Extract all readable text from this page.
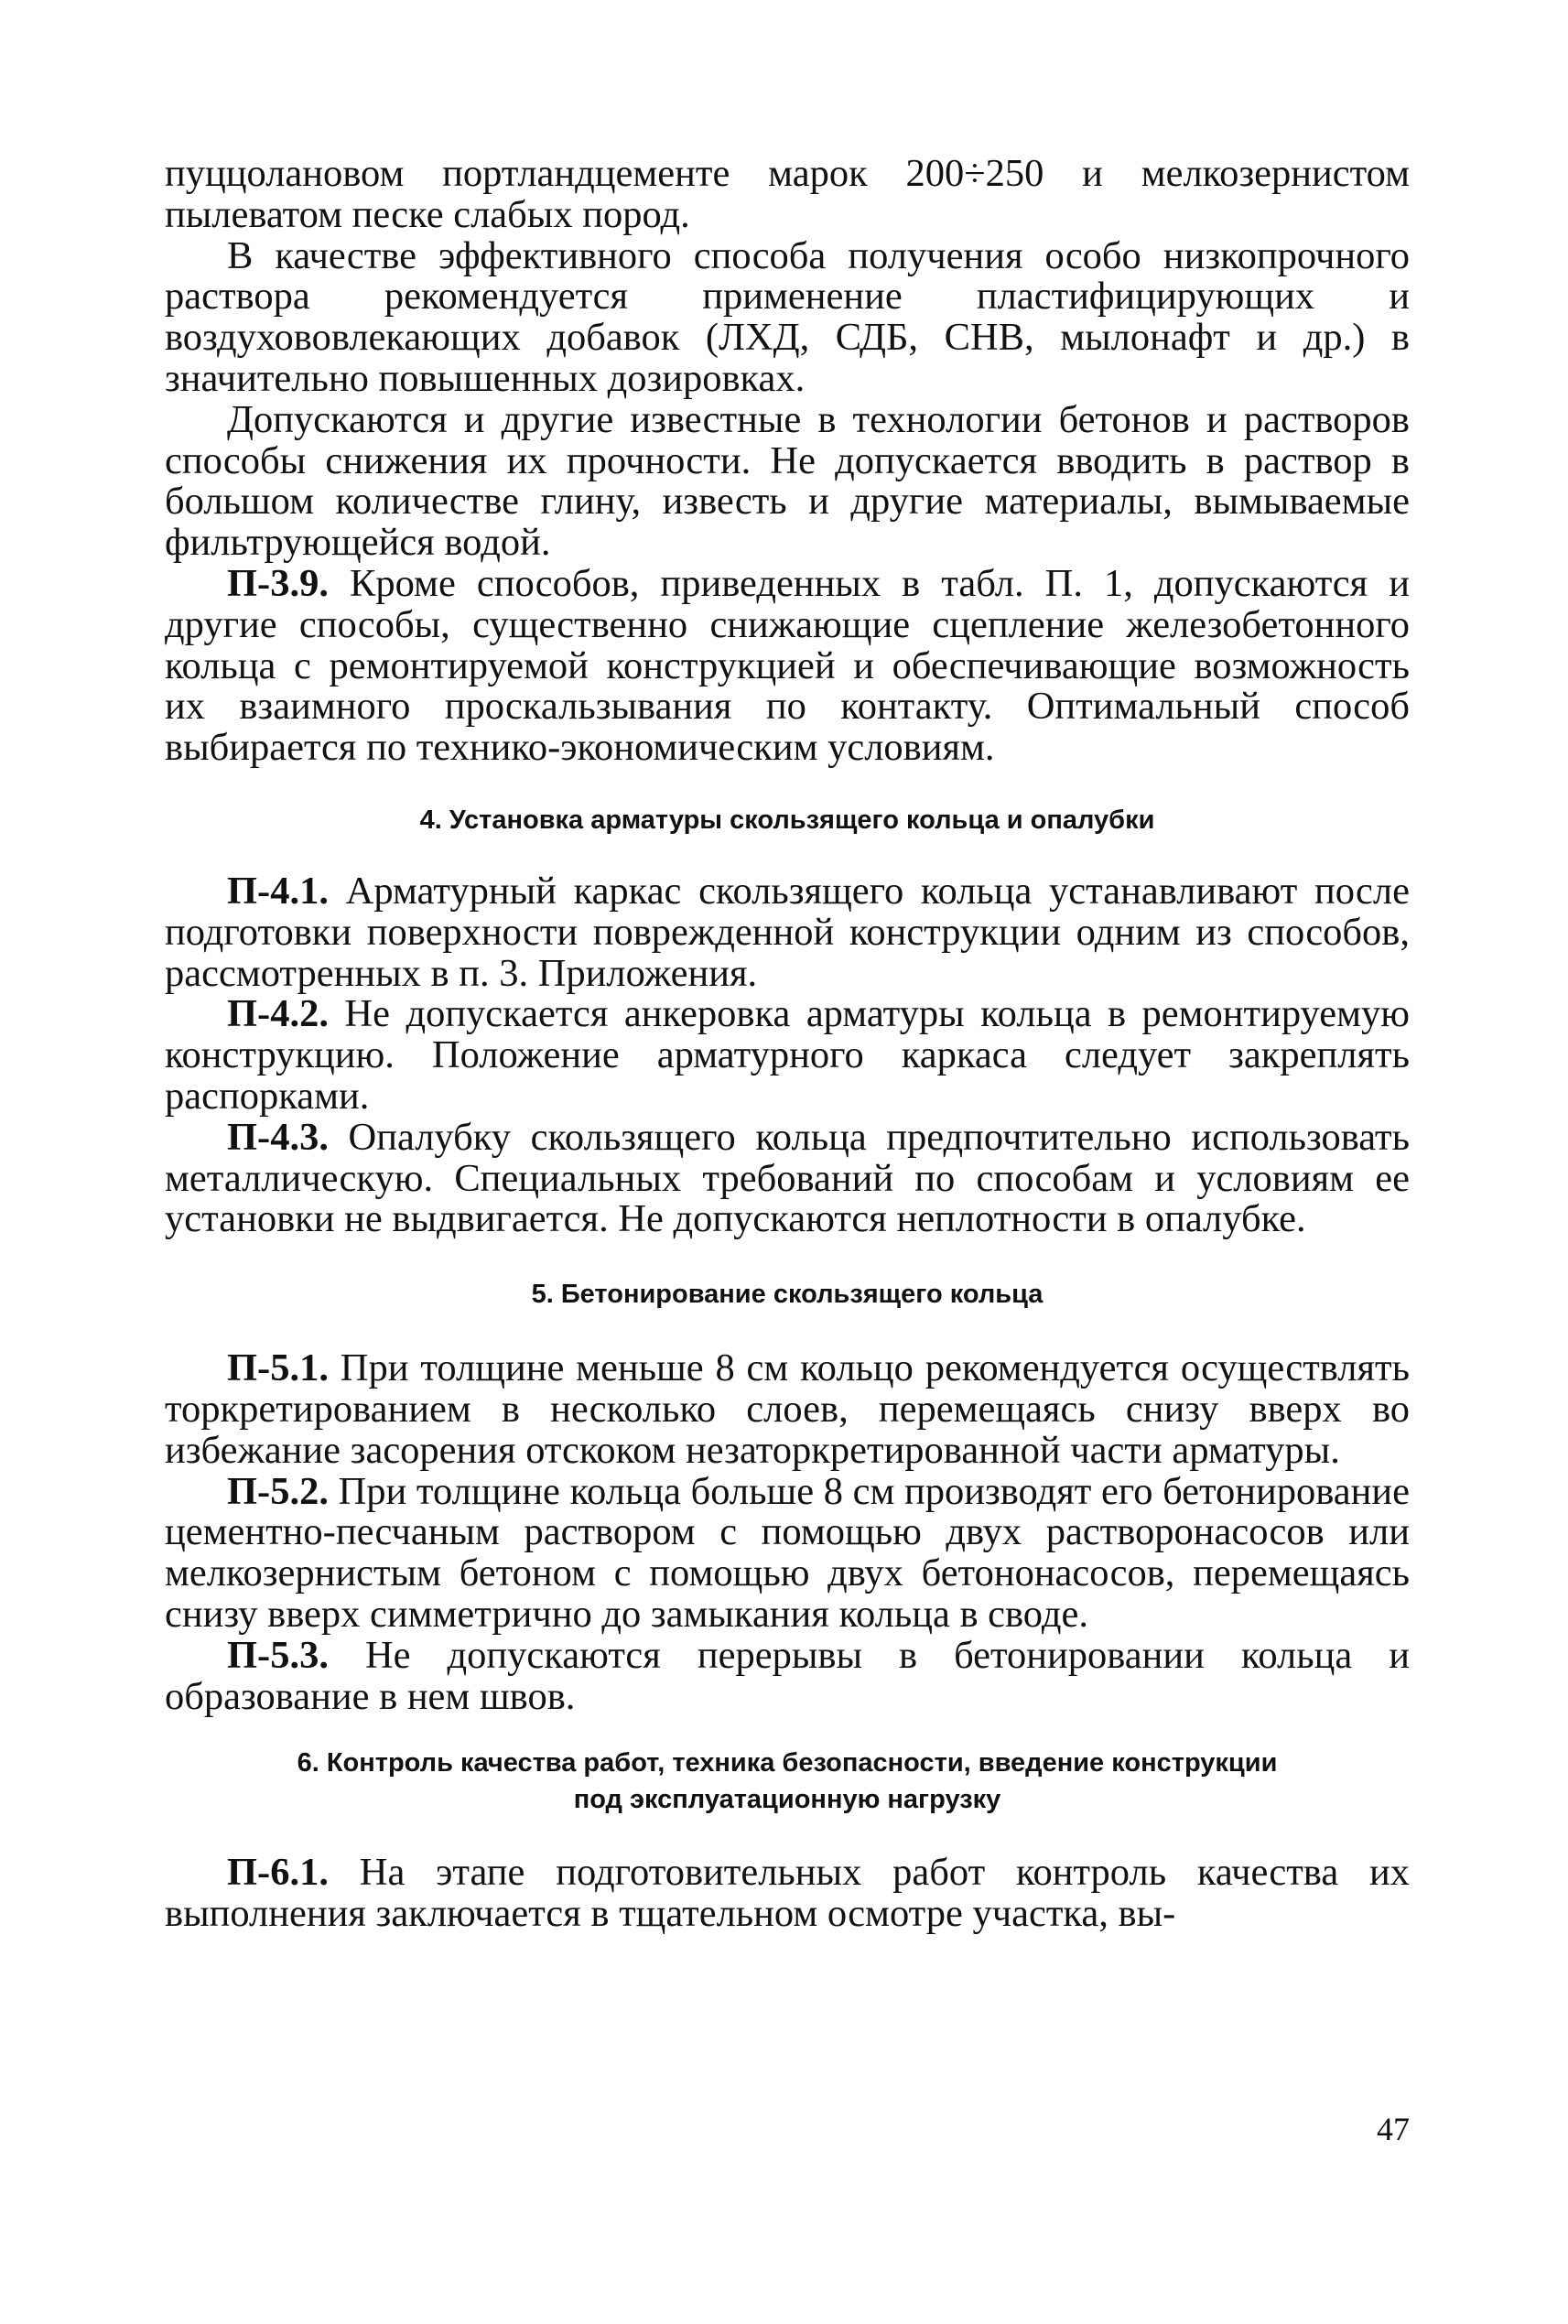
пуццолановом портландцементе марок 200÷250 и мелкозернистом пылеватом песке слабых пород.

В качестве эффективного способа получения особо низкопрочного раствора рекомендуется применение пластифицирующих и воздухововлекающих добавок (ЛХД, СДБ, СНВ, мылонафт и др.) в значительно повышенных дозировках.

Допускаются и другие известные в технологии бетонов и растворов способы снижения их прочности. Не допускается вводить в раствор в большом количестве глину, известь и другие материалы, вымываемые фильтрующейся водой.

П-3.9. Кроме способов, приведенных в табл. П. 1, допускаются и другие способы, существенно снижающие сцепление железобетонного кольца с ремонтируемой конструкцией и обеспечивающие возможность их взаимного проскальзывания по контакту. Оптимальный способ выбирается по технико-экономическим условиям.

4. Установка арматуры скользящего кольца и опалубки

П-4.1. Арматурный каркас скользящего кольца устанавливают после подготовки поверхности поврежденной конструкции одним из способов, рассмотренных в п. 3. Приложения.

П-4.2. Не допускается анкеровка арматуры кольца в ремонтируемую конструкцию. Положение арматурного каркаса следует закреплять распорками.

П-4.3. Опалубку скользящего кольца предпочтительно использовать металлическую. Специальных требований по способам и условиям ее установки не выдвигается. Не допускаются неплотности в опалубке.

5. Бетонирование скользящего кольца

П-5.1. При толщине меньше 8 см кольцо рекомендуется осуществлять торкретированием в несколько слоев, перемещаясь снизу вверх во избежание засорения отскоком незаторкретированной части арматуры.

П-5.2. При толщине кольца больше 8 см производят его бетонирование цементно-песчаным раствором с помощью двух растворонасосов или мелкозернистым бетоном с помощью двух бетононасосов, перемещаясь снизу вверх симметрично до замыкания кольца в своде.

П-5.3. Не допускаются перерывы в бетонировании кольца и образование в нем швов.

6. Контроль качества работ, техника безопасности, введение конструкции
под эксплуатационную нагрузку

П-6.1. На этапе подготовительных работ контроль качества их выполнения заключается в тщательном осмотре участка, вы-

47
